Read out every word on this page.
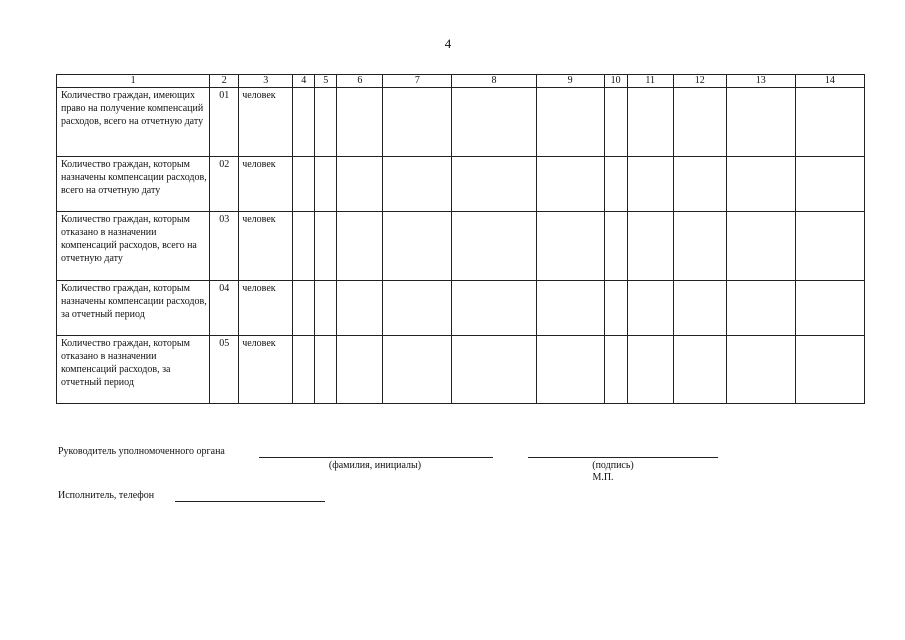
4
1	2	3	4	5	6	7	8	9	10	11	12	13	14
Количество граждан, имеющих право на получение компенсаций расходов, всего на отчетную дату	01	человек											
Количество граждан, которым назначены компенсации расходов, всего на отчетную дату	02	человек											
Количество граждан, которым отказано в назначении компенсаций расходов, всего на отчетную дату	03	человек											
Количество граждан, которым назначены компенсации расходов, за отчетный период	04	человек											
Количество граждан, которым отказано в назначении компенсаций расходов, за отчетный период	05	человек											
Руководитель уполномоченного органа
(фамилия, инициалы)	(подпись)
М.П.
Исполнитель, телефон
